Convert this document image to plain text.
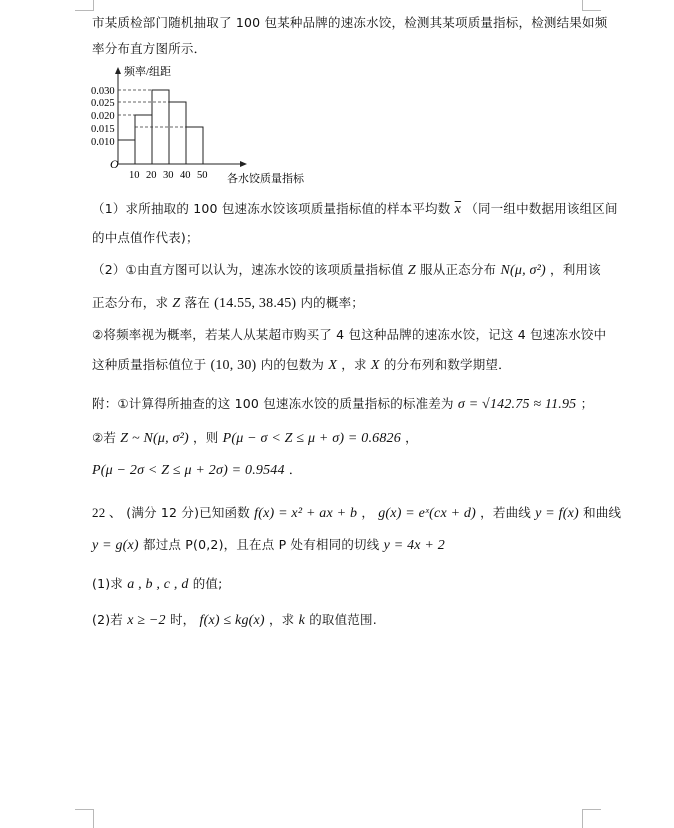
市某质检部门随机抽取了 100 包某种品牌的速冻水饺，检测其某项质量指标，检测结果如频
率分布直方图所示．
频率/组距
O
0.030
0.025
0.020
0.015
0.010
10 20 30 40 50 各水饺质量指标
（1）求所抽取的 100 包速冻水饺该项质量指标值的样本平均数 $\overline{x}$ （同一组中数据用该组区间
的中点值作代表)；
（2）①由直方图可以认为，速冻水饺的该项质量指标值 Z 服从正态分布 N(μ, σ²) ，利用该
正态分布，求 Z 落在 (14.55, 38.45) 内的概率；
②将频率视为概率，若某人从某超市购买了 4 包这种品牌的速冻水饺，记这 4 包速冻水饺中
这种质量指标值位于 (10, 30) 内的包数为 X ，求 X 的分布列和数学期望．
附：①计算得所抽查的这 100 包速冻水饺的质量指标的标准差为 σ = √142.75 ≈ 11.95 ；
②若 Z ~ N(μ, σ²) ，则 P(μ − σ < Z ≤ μ + σ) = 0.6826 ，
P(μ − 2σ < Z ≤ μ + 2σ) = 0.9544 ．
22 、 (满分 12 分)已知函数 f(x) = x² + ax + b ， g(x) = eˣ(cx + d) ，若曲线 y = f(x) 和曲线
y = g(x) 都过点 P(0,2)，且在点 P 处有相同的切线 y = 4x + 2
(1)求 a , b , c , d 的值;
(2)若 x ≥ −2 时， f(x) ≤ kg(x) ，求 k 的取值范围.
